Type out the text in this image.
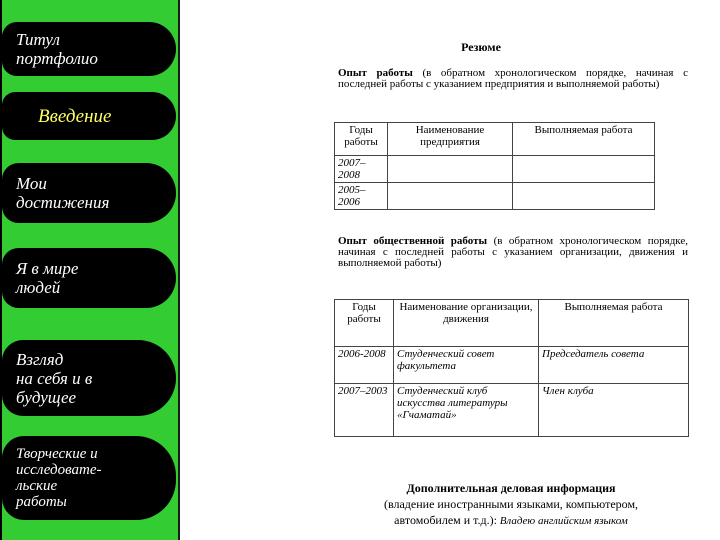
Титул
портфолио
Введение
Мои
достижения
Я в мире
людей
Взгляд
на себя и в
будущее
Творческие и
исследовате-
льские
работы
Резюме
Опыт работы (в обратном хронологическом порядке, начиная с последней работы с указанием предприятия и выполняемой работы)
Годы работы	Наименование предприятия	Выполняемая работа
2007–2008		
2005–2006		
Опыт общественной работы (в обратном хронологическом порядке, начиная с последней работы с указанием организации, движения и выполняемой работы)
Годы работы	Наименование организации, движения	Выполняемая работа
2006-2008	Студенческий совет факультета	Председатель совета
2007–2003	Студенческий клуб искусства литературы «Гчаматай»	Член клуба
Дополнительная деловая информация
(владение иностранными языками, компьютером,
автомобилем и т.д.): Владею английским языком
